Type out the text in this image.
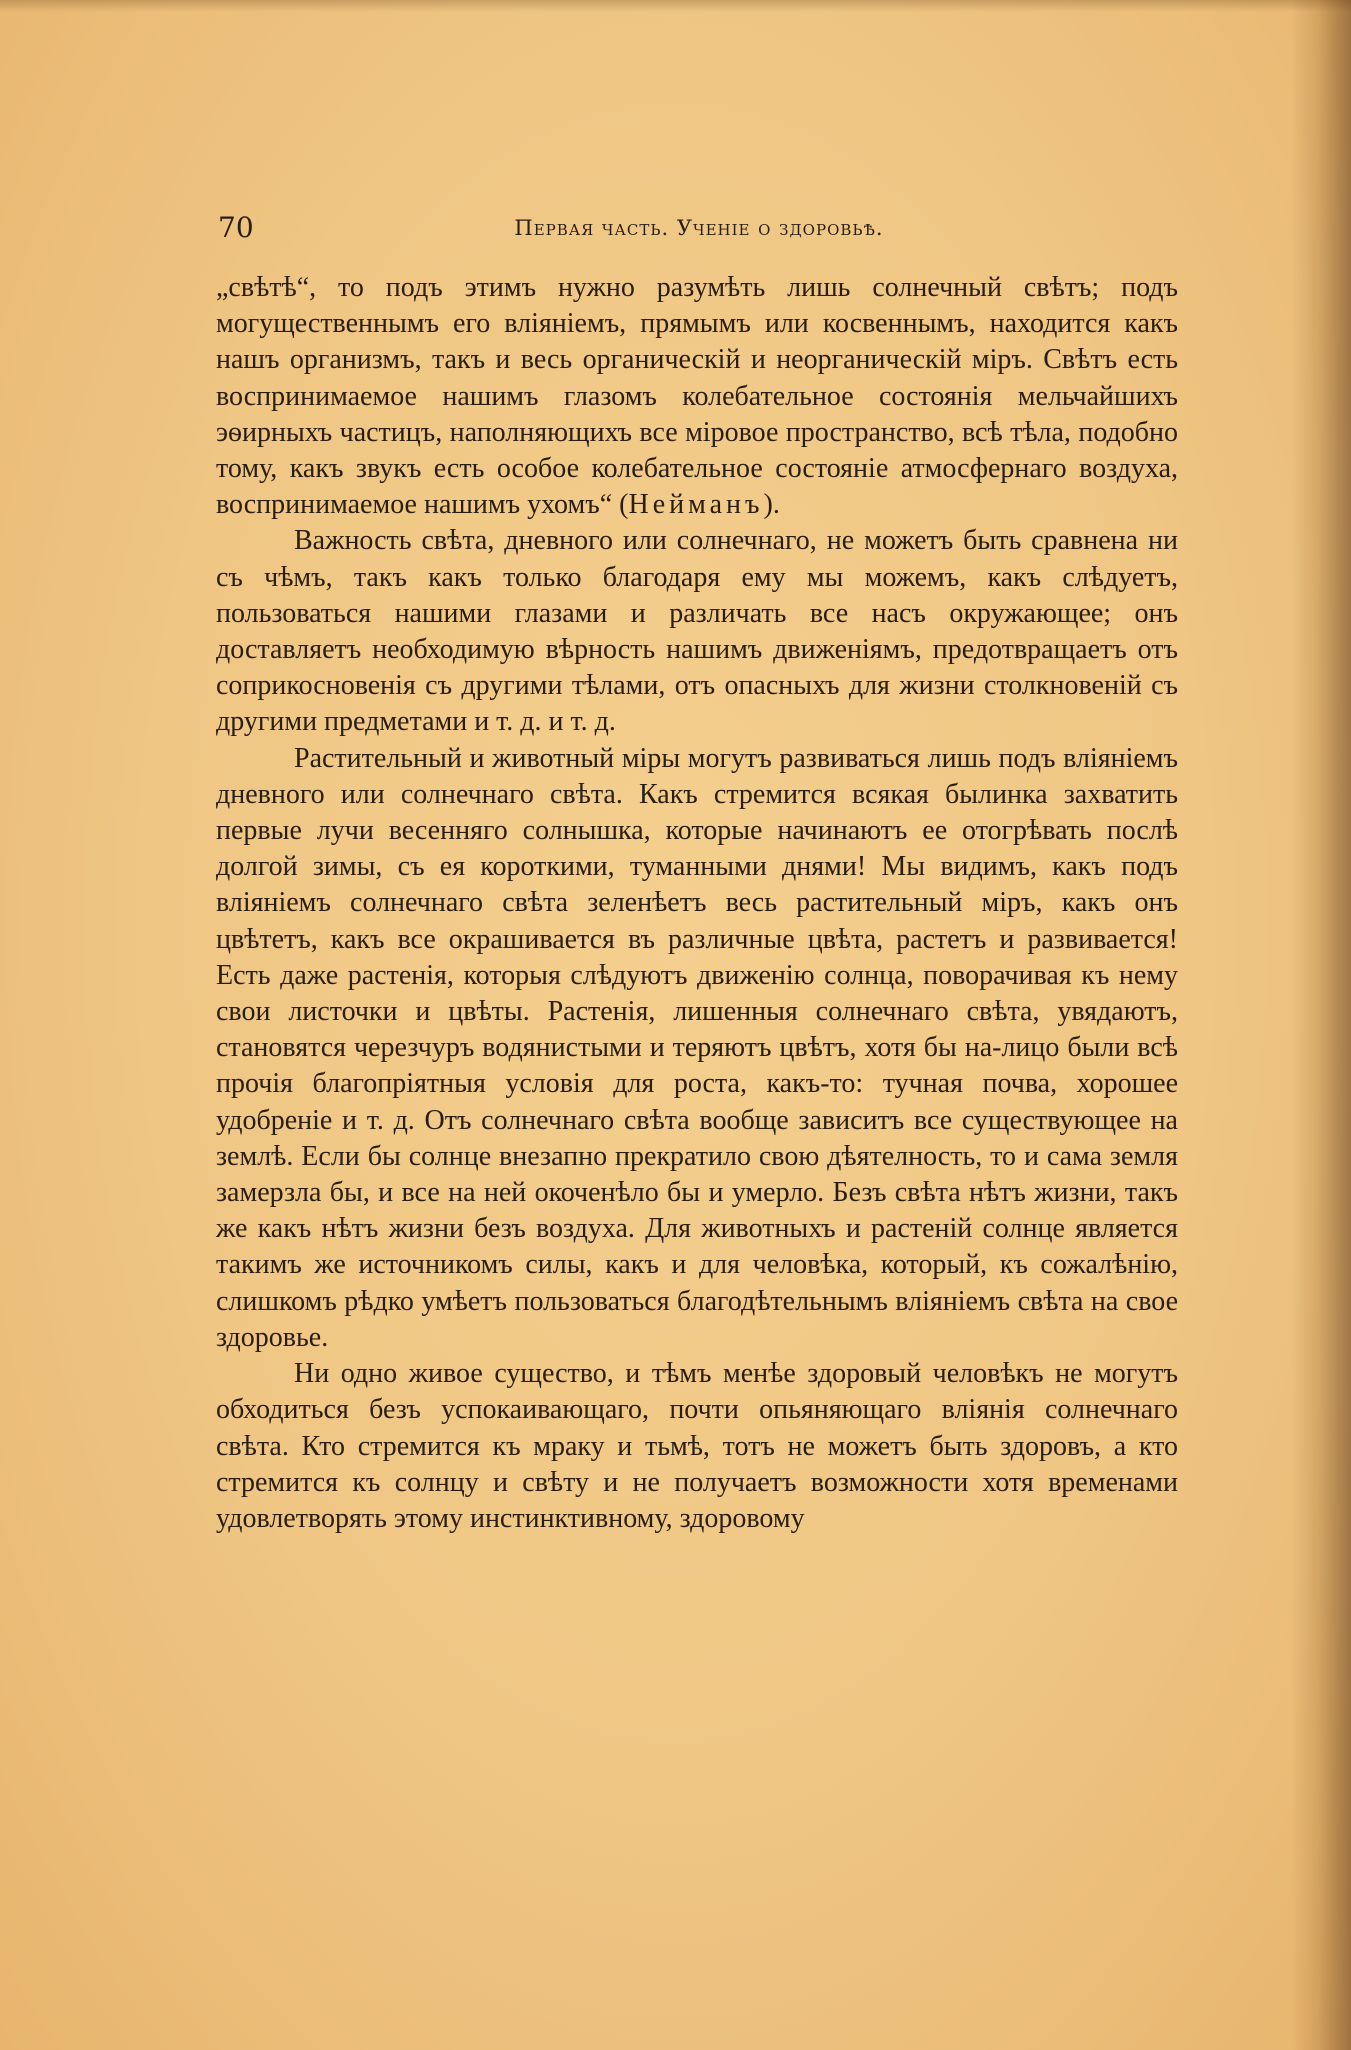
70	Первая часть. Ученіе о здоровьѣ.

„свѣтѣ“, то подъ этимъ нужно разумѣть лишь солнечный свѣтъ; подъ могущественнымъ его вліяніемъ, прямымъ или косвеннымъ, находится какъ нашъ организмъ, такъ и весь органическій и неорганическій міръ. Свѣтъ есть воспринимаемое нашимъ глазомъ колебательное состоянія мельчайшихъ эѳирныхъ частицъ, наполняющихъ все міровое пространство, всѣ тѣла, подобно тому, какъ звукъ есть особое колебательное состояніе атмосфернаго воздуха, воспринимаемое нашимъ ухомъ“ (Нейманъ).

Важность свѣта, дневного или солнечнаго, не можетъ быть сравнена ни съ чѣмъ, такъ какъ только благодаря ему мы можемъ, какъ слѣдуетъ, пользоваться нашими глазами и различать все насъ окружающее; онъ доставляетъ необходимую вѣрность нашимъ движеніямъ, предотвращаетъ отъ соприкосновенія съ другими тѣлами, отъ опасныхъ для жизни столкновеній съ другими предметами и т. д. и т. д.

Растительный и животный міры могутъ развиваться лишь подъ вліяніемъ дневного или солнечнаго свѣта. Какъ стремится всякая былинка захватить первые лучи весенняго солнышка, которые начинаютъ ее отогрѣвать послѣ долгой зимы, съ ея короткими, туманными днями! Мы видимъ, какъ подъ вліяніемъ солнечнаго свѣта зеленѣетъ весь растительный міръ, какъ онъ цвѣтетъ, какъ все окрашивается въ различные цвѣта, растетъ и развивается! Есть даже растенія, которыя слѣдуютъ движенію солнца, поворачивая къ нему свои листочки и цвѣты. Растенія, лишенныя солнечнаго свѣта, увядаютъ, становятся черезчуръ водянистыми и теряютъ цвѣтъ, хотя бы на-лицо были всѣ прочія благопріятныя условія для роста, какъ-то: тучная почва, хорошее удобреніе и т. д. Отъ солнечнаго свѣта вообще зависитъ все существующее на землѣ. Если бы солнце внезапно прекратило свою дѣятелность, то и сама земля замерзла бы, и все на ней окоченѣло бы и умерло. Безъ свѣта нѣтъ жизни, такъ же какъ нѣтъ жизни безъ воздуха. Для животныхъ и растеній солнце является такимъ же источникомъ силы, какъ и для человѣка, который, къ сожалѣнію, слишкомъ рѣдко умѣетъ пользоваться благодѣтельнымъ вліяніемъ свѣта на свое здоровье.

Ни одно живое существо, и тѣмъ менѣе здоровый человѣкъ не могутъ обходиться безъ успокаивающаго, почти опьяняющаго вліянія солнечнаго свѣта. Кто стремится къ мраку и тьмѣ, тотъ не можетъ быть здоровъ, а кто стремится къ солнцу и свѣту и не получаетъ возможности хотя временами удовлетворять этому инстинктивному, здоровому
